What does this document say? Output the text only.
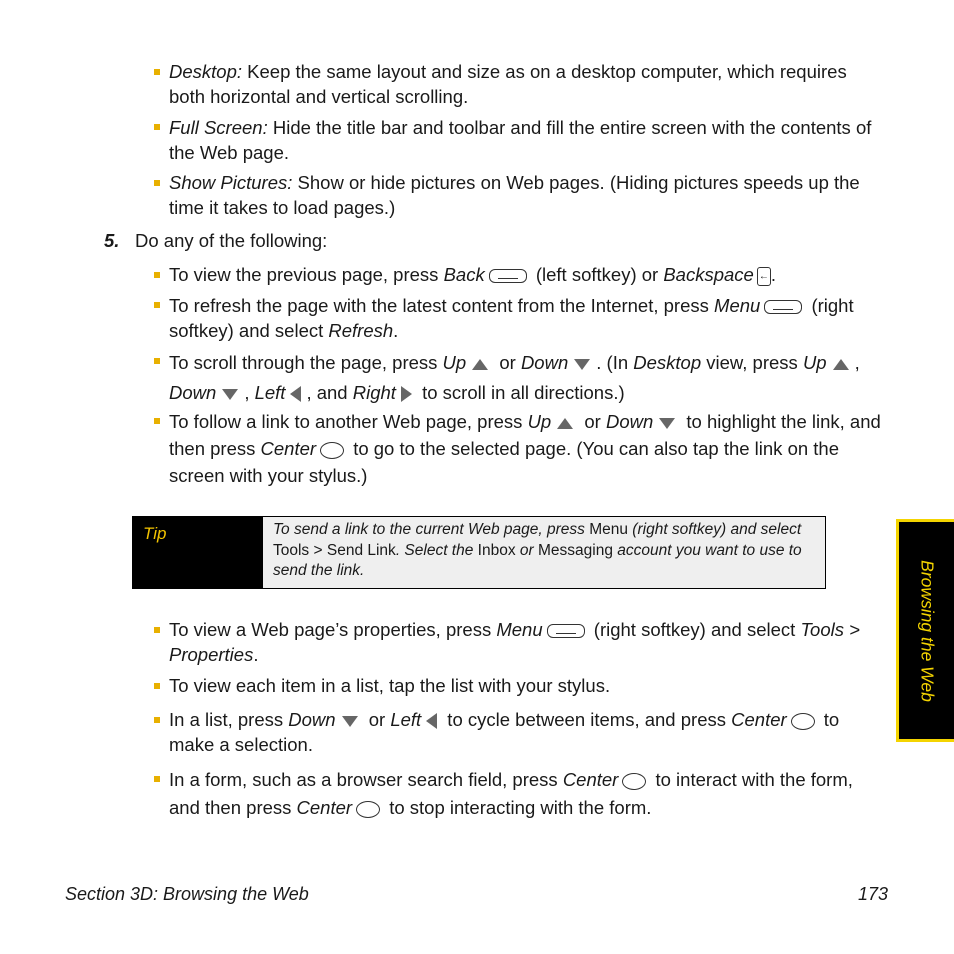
Desktop: Keep the same layout and size as on a desktop computer, which requires both horizontal and vertical scrolling.
Full Screen: Hide the title bar and toolbar and fill the entire screen with the contents of the Web page.
Show Pictures: Show or hide pictures on Web pages. (Hiding pictures speeds up the time it takes to load pages.)
5. Do any of the following:
To view the previous page, press Back (left softkey) or Backspace ← .
To refresh the page with the latest content from the Internet, press Menu (right softkey) and select Refresh.
To scroll through the page, press Up or Down . (In Desktop view, press Up , Down , Left , and Right to scroll in all directions.)
To follow a link to another Web page, press Up or Down to highlight the link, and then press Center to go to the selected page. (You can also tap the link on the screen with your stylus.)
Tip	To send a link to the current Web page, press Menu (right softkey) and select Tools > Send Link. Select the Inbox or Messaging account you want to use to send the link.
To view a Web page’s properties, press Menu (right softkey) and select Tools > Properties.
To view each item in a list, tap the list with your stylus.
In a list, press Down or Left to cycle between items, and press Center to make a selection.
In a form, such as a browser search field, press Center to interact with the form, and then press Center to stop interacting with the form.
Browsing the Web
Section 3D: Browsing the Web	173
